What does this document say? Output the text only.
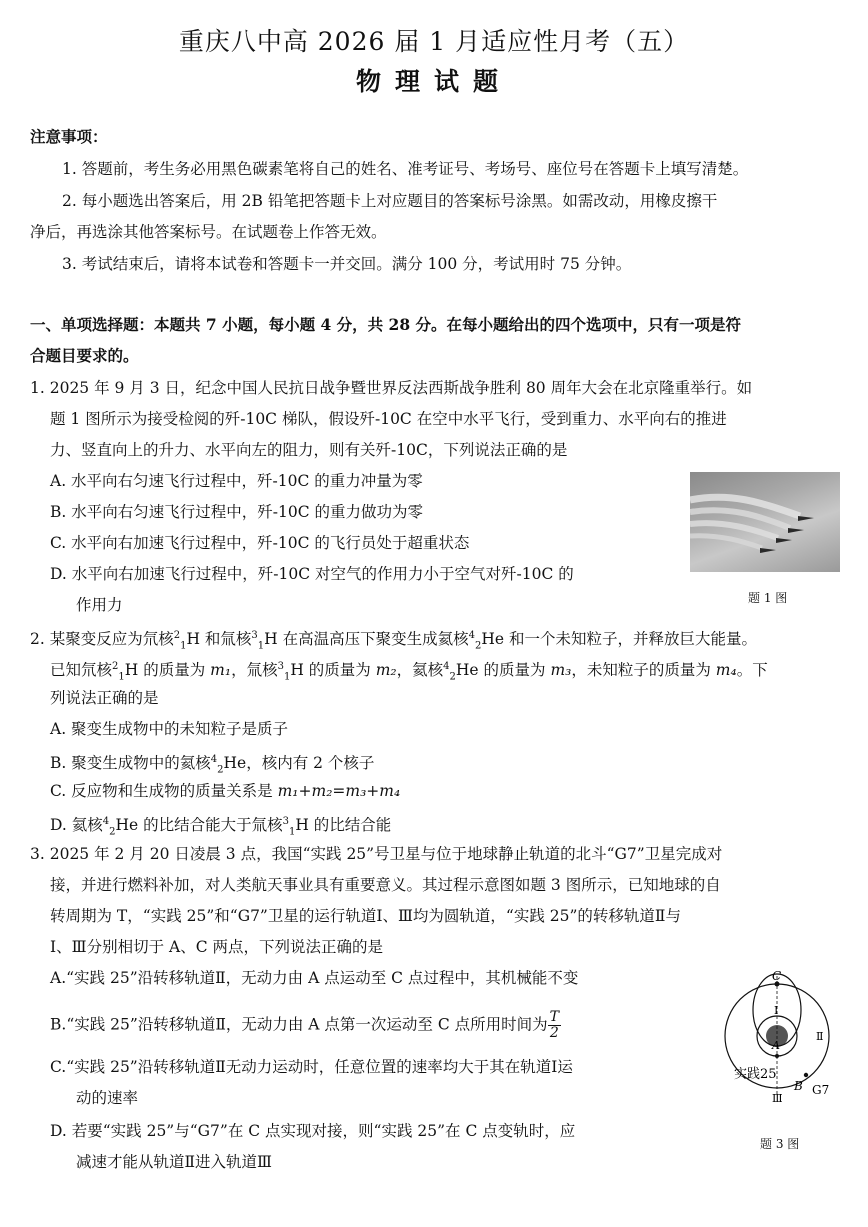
重庆八中高 2026 届 1 月适应性月考（五）
物理试题
注意事项：
1. 答题前，考生务必用黑色碳素笔将自己的姓名、准考证号、考场号、座位号在答题卡上填写清楚。
2. 每小题选出答案后，用 2B 铅笔把答题卡上对应题目的答案标号涂黑。如需改动，用橡皮擦干
净后，再选涂其他答案标号。在试题卷上作答无效。
3. 考试结束后，请将本试卷和答题卡一并交回。满分 100 分，考试用时 75 分钟。
一、单项选择题：本题共 7 小题，每小题 4 分，共 28 分。在每小题给出的四个选项中，只有一项是符
合题目要求的。
1. 2025 年 9 月 3 日，纪念中国人民抗日战争暨世界反法西斯战争胜利 80 周年大会在北京隆重举行。如
题 1 图所示为接受检阅的歼-10C 梯队，假设歼-10C 在空中水平飞行，受到重力、水平向右的推进
力、竖直向上的升力、水平向左的阻力，则有关歼-10C，下列说法正确的是
A. 水平向右匀速飞行过程中，歼-10C 的重力冲量为零
B. 水平向右匀速飞行过程中，歼-10C 的重力做功为零
C. 水平向右加速飞行过程中，歼-10C 的飞行员处于超重状态
D. 水平向右加速飞行过程中，歼-10C 对空气的作用力小于空气对歼-10C 的
作用力	题 1 图
2. 某聚变反应为氘核$^2_1$H 和氚核$^3_1$H 在高温高压下聚变生成氦核$^4_2$He 和一个未知粒子，并释放巨大能量。
已知氘核$^2_1$H 的质量为 m₁，氚核$^3_1$H 的质量为 m₂，氦核$^4_2$He 的质量为 m₃，未知粒子的质量为 m₄。下
列说法正确的是
A. 聚变生成物中的未知粒子是质子
B. 聚变生成物中的氦核$^4_2$He，核内有 2 个核子
C. 反应物和生成物的质量关系是 m₁+m₂=m₃+m₄
D. 氦核$^4_2$He 的比结合能大于氚核$^3_1$H 的比结合能
3. 2025 年 2 月 20 日凌晨 3 点，我国“实践 25”号卫星与位于地球静止轨道的北斗“G7”卫星完成对
接，并进行燃料补加，对人类航天事业具有重要意义。其过程示意图如题 3 图所示，已知地球的自
转周期为 T，“实践 25”和“G7”卫星的运行轨道Ⅰ、Ⅲ均为圆轨道，“实践 25”的转移轨道Ⅱ与
Ⅰ、Ⅲ分别相切于 A、C 两点，下列说法正确的是
A.“实践 25”沿转移轨道Ⅱ，无动力由 A 点运动至 C 点过程中，其机械能不变
B.“实践 25”沿转移轨道Ⅱ，无动力由 A 点第一次运动至 C 点所用时间为 $\frac{T}{2}$
C.“实践 25”沿转移轨道Ⅱ无动力运动时，任意位置的速率均大于其在轨道Ⅰ运
动的速率
D. 若要“实践 25”与“G7”在 C 点实现对接，则“实践 25”在 C 点变轨时，应
减速才能从轨道Ⅱ进入轨道Ⅲ
C
A
B
Ⅰ
Ⅱ
Ⅲ
实践25
G7
题 3 图
